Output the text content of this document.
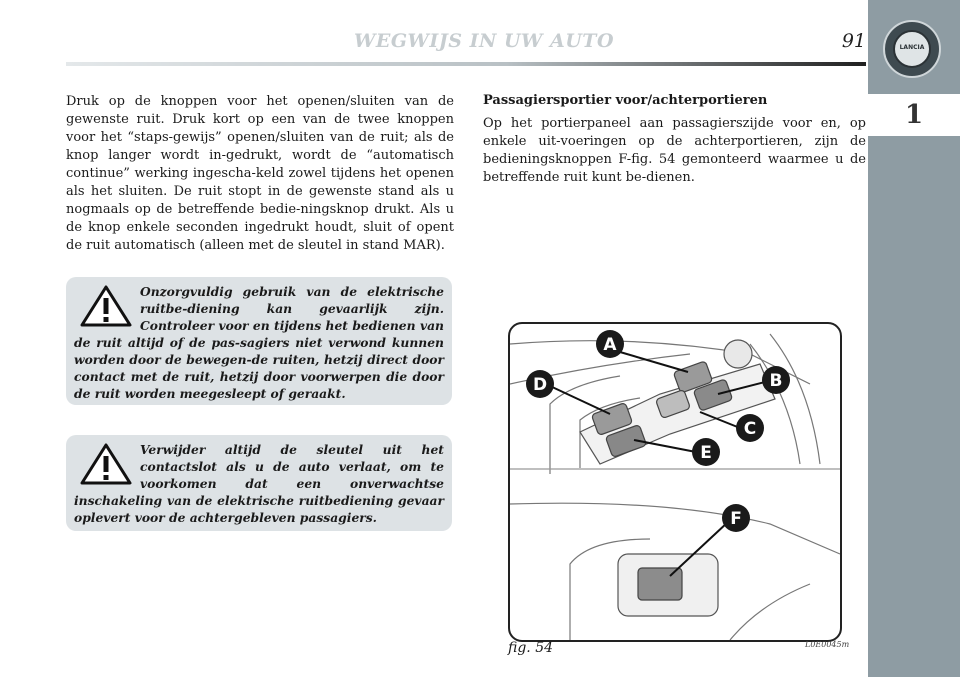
LANCIA
1
WEGWIJS IN UW AUTO	91

Druk op de knoppen voor het openen/sluiten van de gewenste ruit. Druk kort op een van de twee knoppen voor het “staps-gewijs” openen/sluiten van de ruit; als de knop langer wordt in-gedrukt, wordt de “automatisch continue” werking ingescha-keld zowel tijdens het openen als het sluiten. De ruit stopt in de gewenste stand als u nogmaals op de betreffende bedie-ningsknop drukt. Als u de knop enkele seconden ingedrukt houdt, sluit of opent de ruit automatisch (alleen met de sleutel in stand MAR).

Onzorgvuldig gebruik van de elektrische ruitbe-diening kan gevaarlijk zijn. Controleer voor en tijdens het bedienen van de ruit altijd of de pas-sagiers niet verwond kunnen worden door de bewegen-de ruiten, hetzij direct door contact met de ruit, hetzij door voorwerpen die door de ruit worden meegesleept of geraakt.

Verwijder altijd de sleutel uit het contactslot als u de auto verlaat, om te voorkomen dat een onverwachtse inschakeling van de elektrische ruitbediening gevaar oplevert voor de achtergebleven passagiers.

Passagiersportier voor/achterportieren

Op het portierpaneel aan passagierszijde voor en, op enkele uit-voeringen op de achterportieren, zijn de bedieningsknoppen F-fig. 54 gemonteerd waarmee u de betreffende ruit kunt be-dienen.

A
B
C
D
E
F
fig. 54	L0E0045m
